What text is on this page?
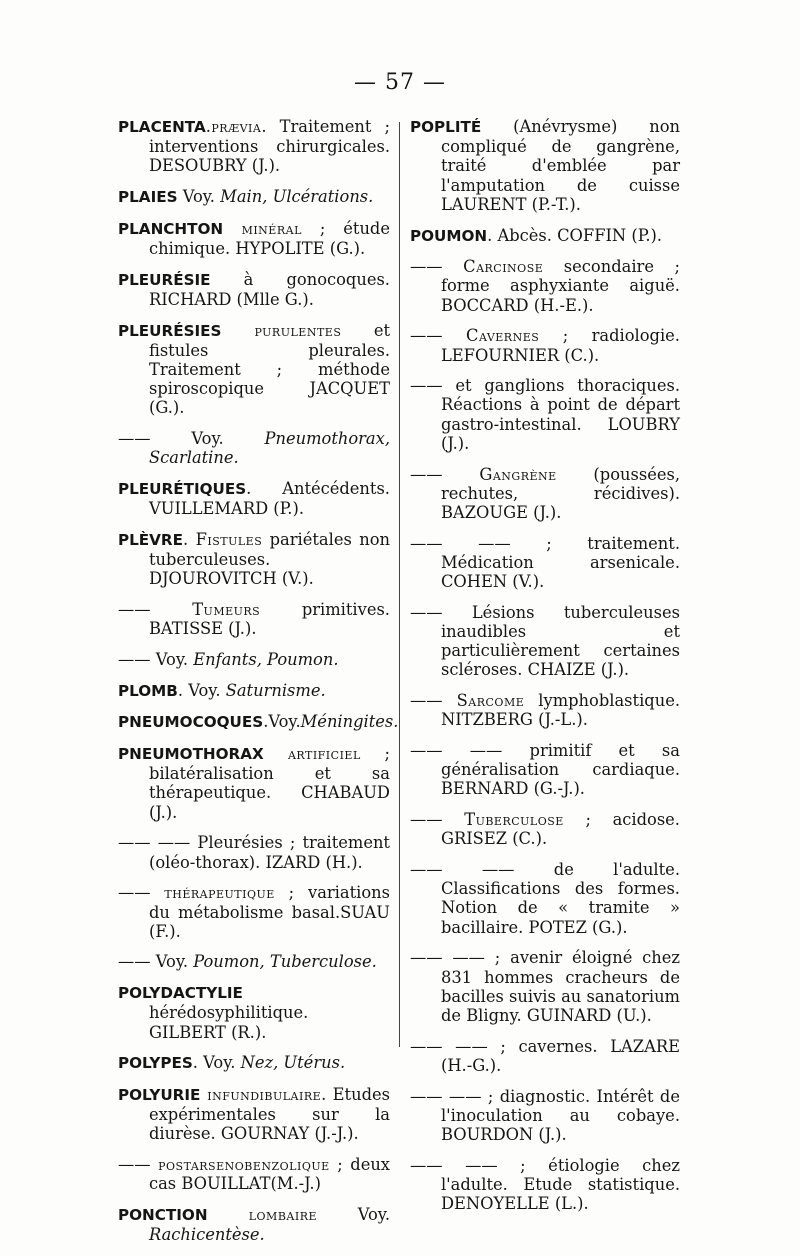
— 57 —
PLACENTA.prævia. Traitement ; interventions chirurgicales. DESOUBRY (J.).
PLAIES Voy. Main, Ulcérations.
PLANCHTON minéral ; étude chimique. HYPOLITE (G.).
PLEURÉSIE à gonocoques. RICHARD (Mlle G.).
PLEURÉSIES purulentes et fistules pleurales. Traitement ; méthode spiroscopique JACQUET (G.).
—— Voy. Pneumothorax, Scarlatine.
PLEURÉTIQUES. Antécédents. VUILLEMARD (P.).
PLÈVRE. Fistules pariétales non tuberculeuses. DJOUROVITCH (V.).
—— Tumeurs primitives. BATISSE (J.).
—— Voy. Enfants, Poumon.
PLOMB. Voy. Saturnisme.
PNEUMOCOQUES.Voy.Méningites.
PNEUMOTHORAX artificiel ; bilatéralisation et sa thérapeutique. CHABAUD (J.).
—— —— Pleurésies ; traitement (oléo-thorax). IZARD (H.).
—— thérapeutique ; variations du métabolisme basal.SUAU (F.).
—— Voy. Poumon, Tuberculose.
POLYDACTYLIE hérédosyphilitique. GILBERT (R.).
POLYPES. Voy. Nez, Utérus.
POLYURIE infundibulaire. Etudes expérimentales sur la diurèse. GOURNAY (J.-J.).
—— postarsenobenzolique ; deux cas BOUILLAT(M.-J.)
PONCTION lombaire Voy. Rachicentèse.
POPLITÉ (Anévrysme) non compliqué de gangrène, traité d'emblée par l'amputation de cuisse LAURENT (P.-T.).
POUMON. Abcès. COFFIN (P.).
—— Carcinose secondaire ; forme asphyxiante aiguë. BOCCARD (H.-E.).
—— Cavernes ; radiologie. LEFOURNIER (C.).
—— et ganglions thoraciques. Réactions à point de départ gastro-intestinal. LOUBRY (J.).
—— Gangrène (poussées, rechutes, récidives). BAZOUGE (J.).
—— —— ; traitement. Médication arsenicale. COHEN (V.).
—— Lésions tuberculeuses inaudibles et particulièrement certaines scléroses. CHAIZE (J.).
—— Sarcome lymphoblastique. NITZBERG (J.-L.).
—— —— primitif et sa généralisation cardiaque. BERNARD (G.-J.).
—— Tuberculose ; acidose. GRISEZ (C.).
—— —— de l'adulte. Classifications des formes. Notion de « tramite » bacillaire. POTEZ (G.).
—— —— ; avenir éloigné chez 831 hommes cracheurs de bacilles suivis au sanatorium de Bligny. GUINARD (U.).
—— —— ; cavernes. LAZARE (H.-G.).
—— —— ; diagnostic. Intérêt de l'inoculation au cobaye. BOURDON (J.).
—— —— ; étiologie chez l'adulte. Etude statistique. DENOYELLE (L.).
